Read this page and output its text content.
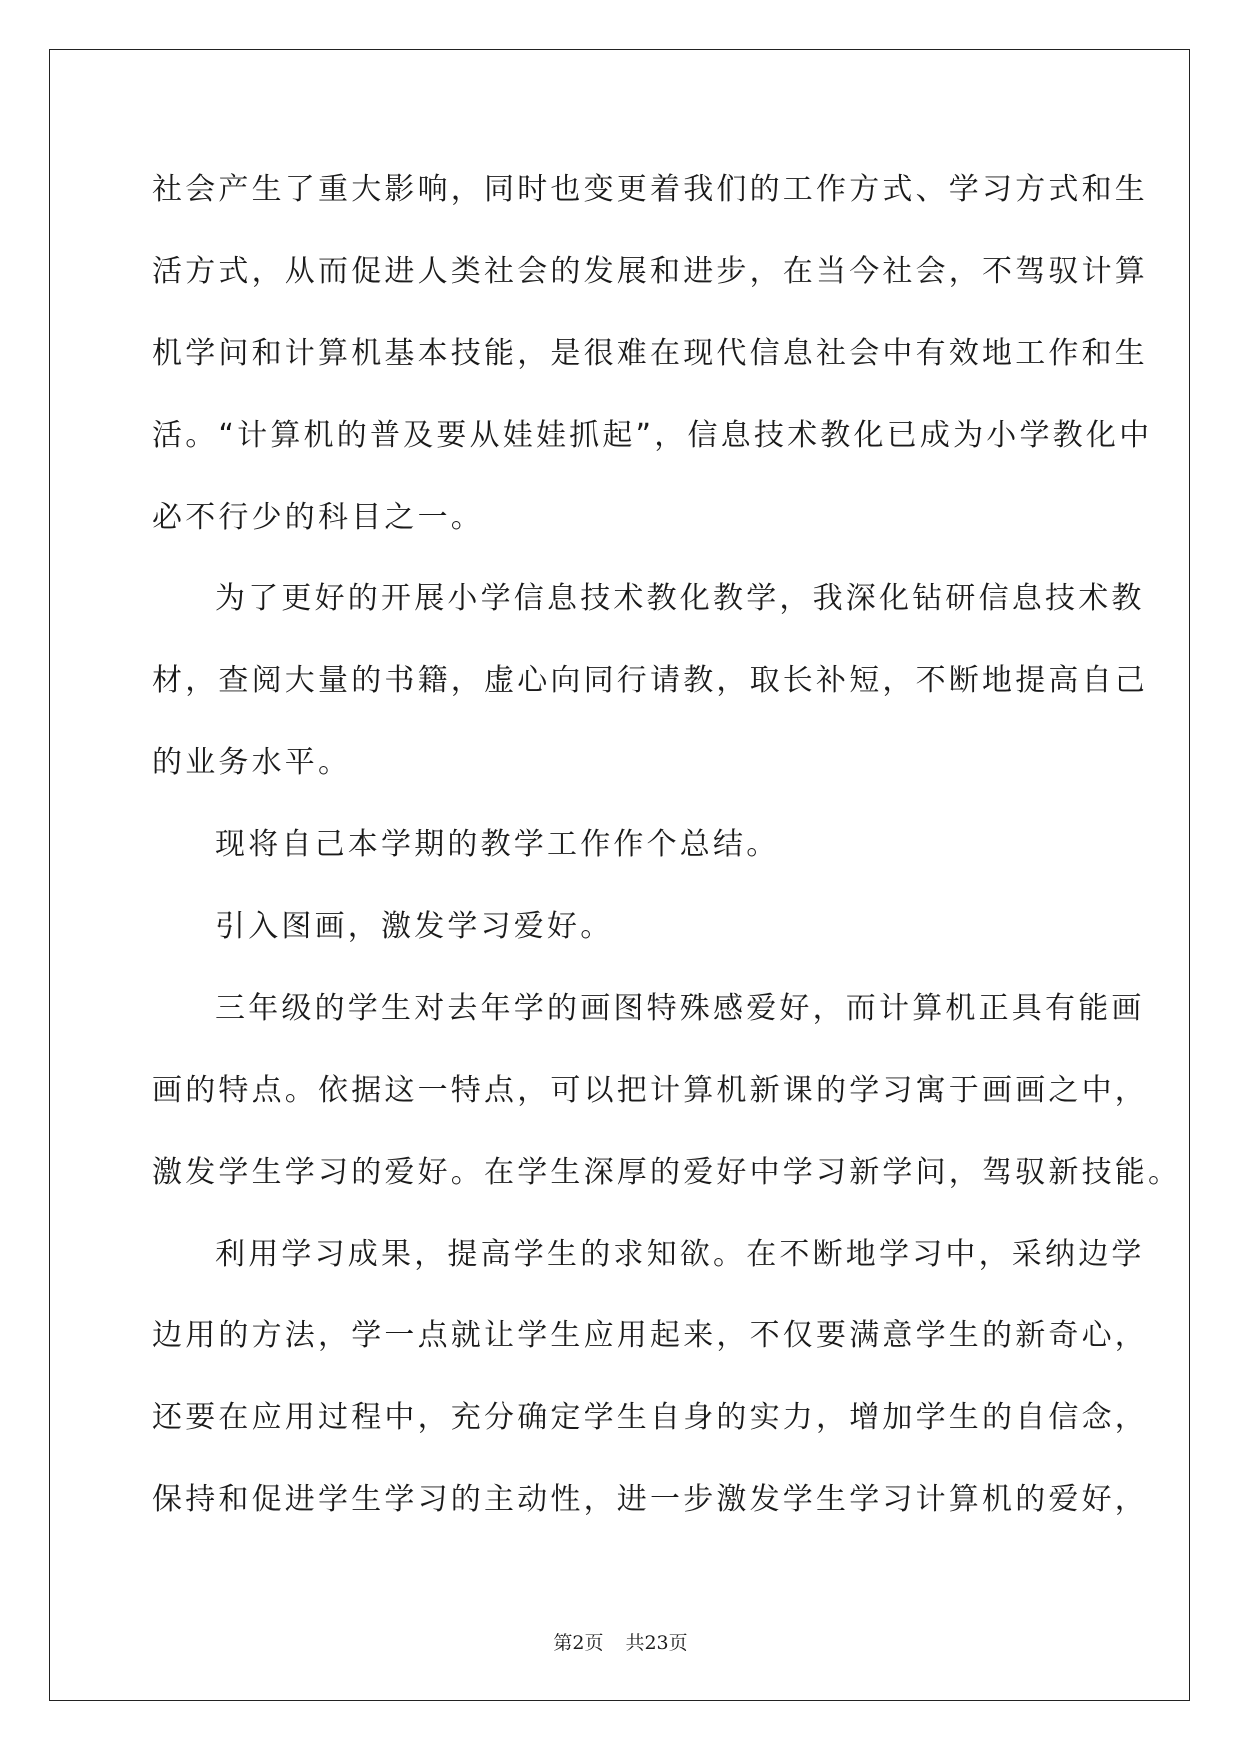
社会产生了重大影响，同时也变更着我们的工作方式、学习方式和生
活方式，从而促进人类社会的发展和进步，在当今社会，不驾驭计算
机学问和计算机基本技能，是很难在现代信息社会中有效地工作和生
活。“计算机的普及要从娃娃抓起”，信息技术教化已成为小学教化中
必不行少的科目之一。
为了更好的开展小学信息技术教化教学，我深化钻研信息技术教
材，查阅大量的书籍，虚心向同行请教，取长补短，不断地提高自己
的业务水平。
现将自己本学期的教学工作作个总结。
引入图画，激发学习爱好。
三年级的学生对去年学的画图特殊感爱好，而计算机正具有能画
画的特点。依据这一特点，可以把计算机新课的学习寓于画画之中，
激发学生学习的爱好。在学生深厚的爱好中学习新学问，驾驭新技能。
利用学习成果，提高学生的求知欲。在不断地学习中，采纳边学
边用的方法，学一点就让学生应用起来，不仅要满意学生的新奇心，
还要在应用过程中，充分确定学生自身的实力，增加学生的自信念，
保持和促进学生学习的主动性，进一步激发学生学习计算机的爱好，
第2页 共23页
